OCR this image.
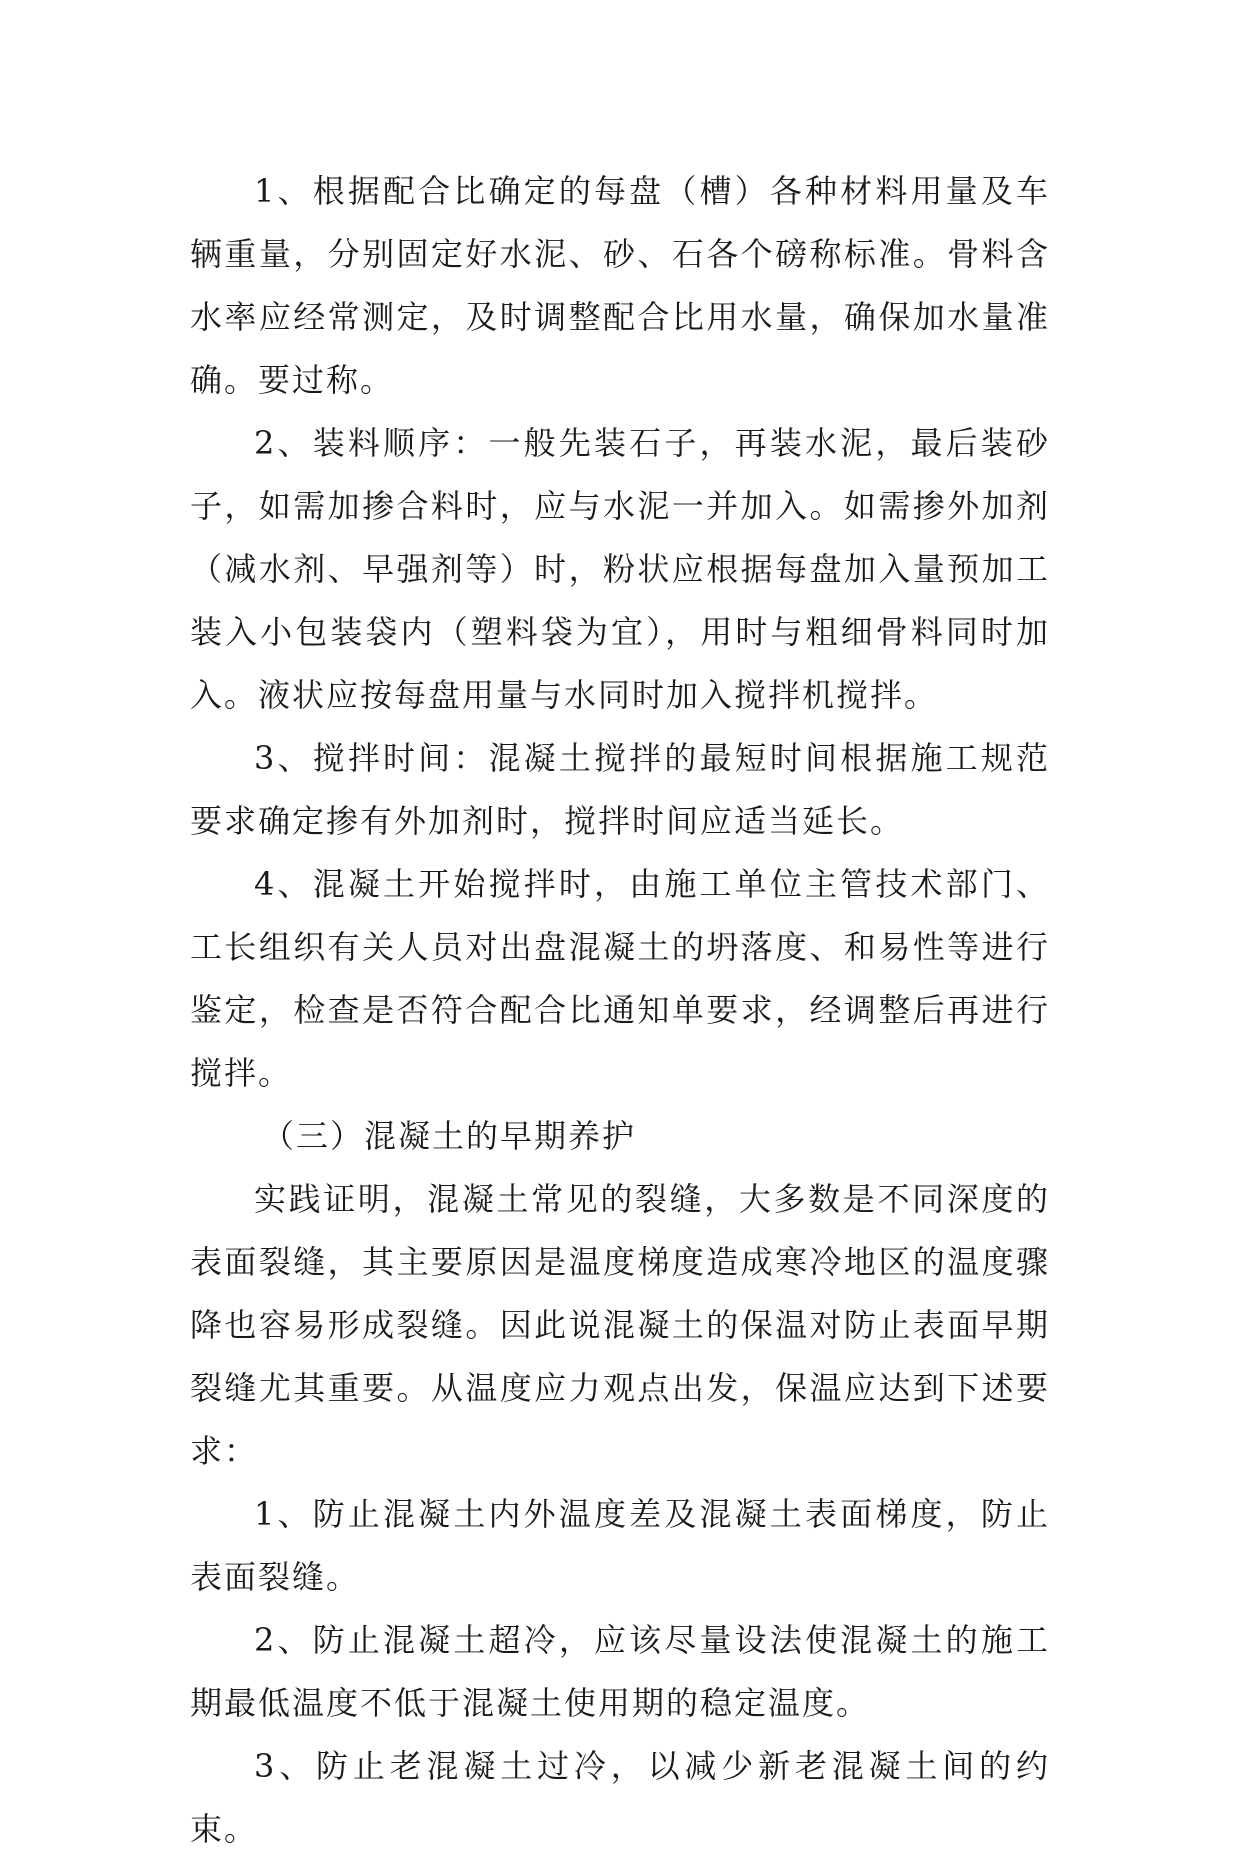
1、根据配合比确定的每盘（槽）各种材料用量及车辆重量，分别固定好水泥、砂、石各个磅称标准。骨料含水率应经常测定，及时调整配合比用水量，确保加水量准确。要过称。

2、装料顺序：一般先装石子，再装水泥，最后装砂子，如需加掺合料时，应与水泥一并加入。如需掺外加剂（减水剂、早强剂等）时，粉状应根据每盘加入量预加工装入小包装袋内（塑料袋为宜），用时与粗细骨料同时加入。液状应按每盘用量与水同时加入搅拌机搅拌。

3、搅拌时间：混凝土搅拌的最短时间根据施工规范要求确定掺有外加剂时，搅拌时间应适当延长。

4、混凝土开始搅拌时，由施工单位主管技术部门、工长组织有关人员对出盘混凝土的坍落度、和易性等进行鉴定，检查是否符合配合比通知单要求，经调整后再进行搅拌。

（三）混凝土的早期养护

实践证明，混凝土常见的裂缝，大多数是不同深度的表面裂缝，其主要原因是温度梯度造成寒冷地区的温度骤降也容易形成裂缝。因此说混凝土的保温对防止表面早期裂缝尤其重要。从温度应力观点出发，保温应达到下述要求：

1、防止混凝土内外温度差及混凝土表面梯度，防止表面裂缝。

2、防止混凝土超冷，应该尽量设法使混凝土的施工期最低温度不低于混凝土使用期的稳定温度。

3、防止老混凝土过冷，以减少新老混凝土间的约束。
